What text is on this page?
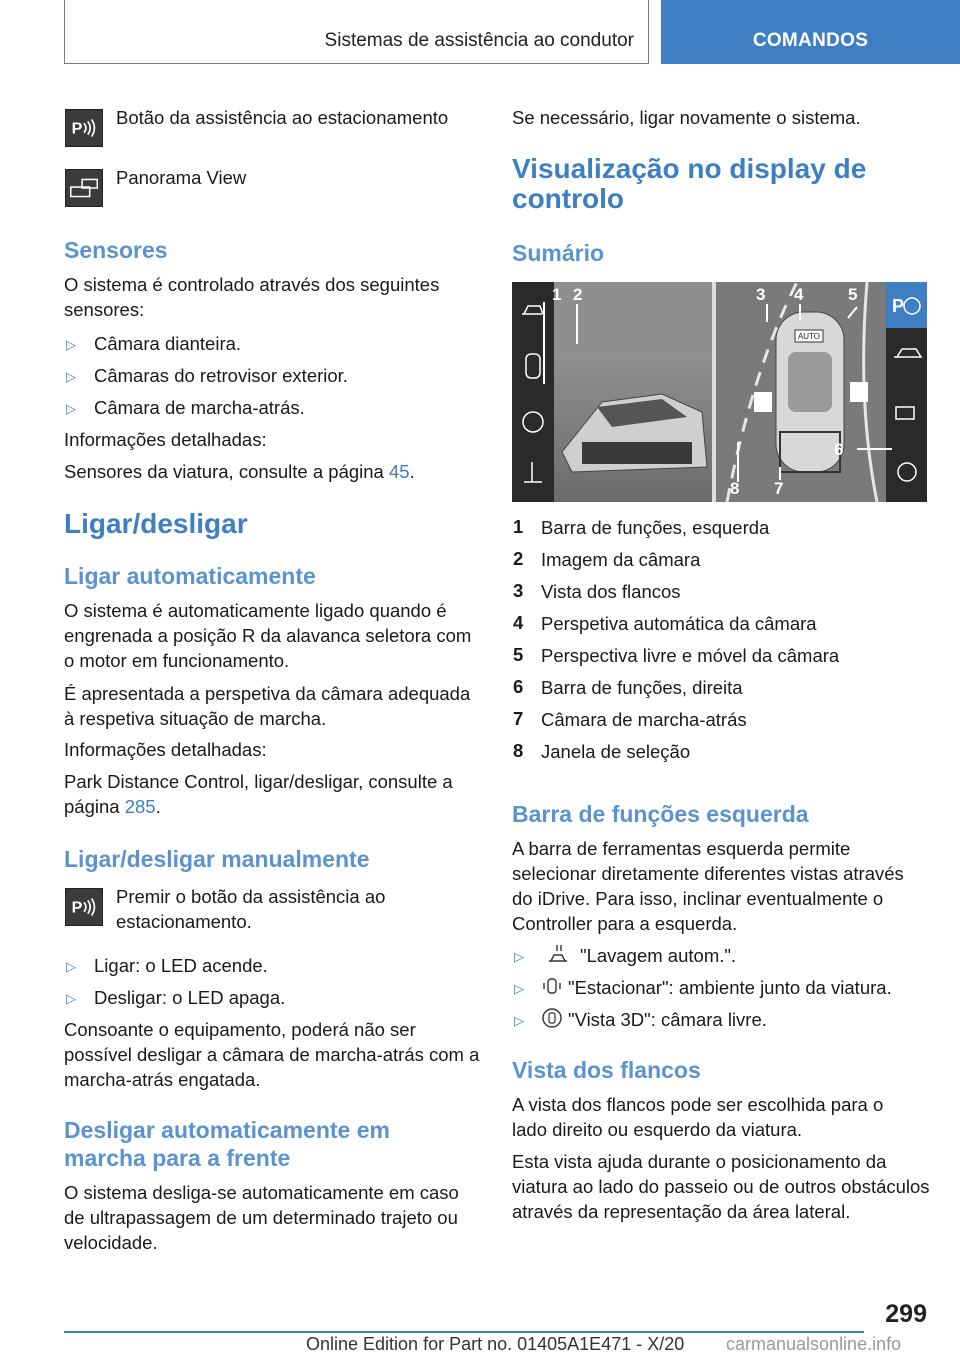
Sistemas de assistência ao condutor	COMANDOS
P
Botão da assistência ao estacionamento
Panorama View
Sensores
O sistema é controlado através dos seguintes sensores:
▷ Câmara dianteira.
▷ Câmaras do retrovisor exterior.
▷ Câmara de marcha-atrás.
Informações detalhadas:
Sensores da viatura, consulte a página 45.
Ligar/desligar
Ligar automaticamente
O sistema é automaticamente ligado quando é engrenada a posição R da alavanca seletora com o motor em funcionamento.
É apresentada a perspetiva da câmara adequada à respetiva situação de marcha.
Informações detalhadas:
Park Distance Control, ligar/desligar, consulte a página 285.
Ligar/desligar manualmente
P
Premir o botão da assistência ao estacionamento.
▷ Ligar: o LED acende.
▷ Desligar: o LED apaga.
Consoante o equipamento, poderá não ser possível desligar a câmara de marcha-atrás com a marcha-atrás engatada.
Desligar automaticamente em marcha para a frente
O sistema desliga-se automaticamente em caso de ultrapassagem de um determinado trajeto ou velocidade.
Se necessário, ligar novamente o sistema.
Visualização no display de controlo
Sumário
AUTO
P
1 2	3 4	5
6
7
8
1 Barra de funções, esquerda
2 Imagem da câmara
3 Vista dos flancos
4 Perspetiva automática da câmara
5 Perspectiva livre e móvel da câmara
6 Barra de funções, direita
7 Câmara de marcha-atrás
8 Janela de seleção
Barra de funções esquerda
A barra de ferramentas esquerda permite selecionar diretamente diferentes vistas através do iDrive. Para isso, inclinar eventualmente o Controller para a esquerda.
▷	"Lavagem autom.".
▷ "Estacionar": ambiente junto da viatura.
▷ "Vista 3D": câmara livre.
Vista dos flancos
A vista dos flancos pode ser escolhida para o lado direito ou esquerdo da viatura.
Esta vista ajuda durante o posicionamento da viatura ao lado do passeio ou de outros obstáculos através da representação da área lateral.
299
Online Edition for Part no. 01405A1E471 - X/20 carmanualsonline.info
